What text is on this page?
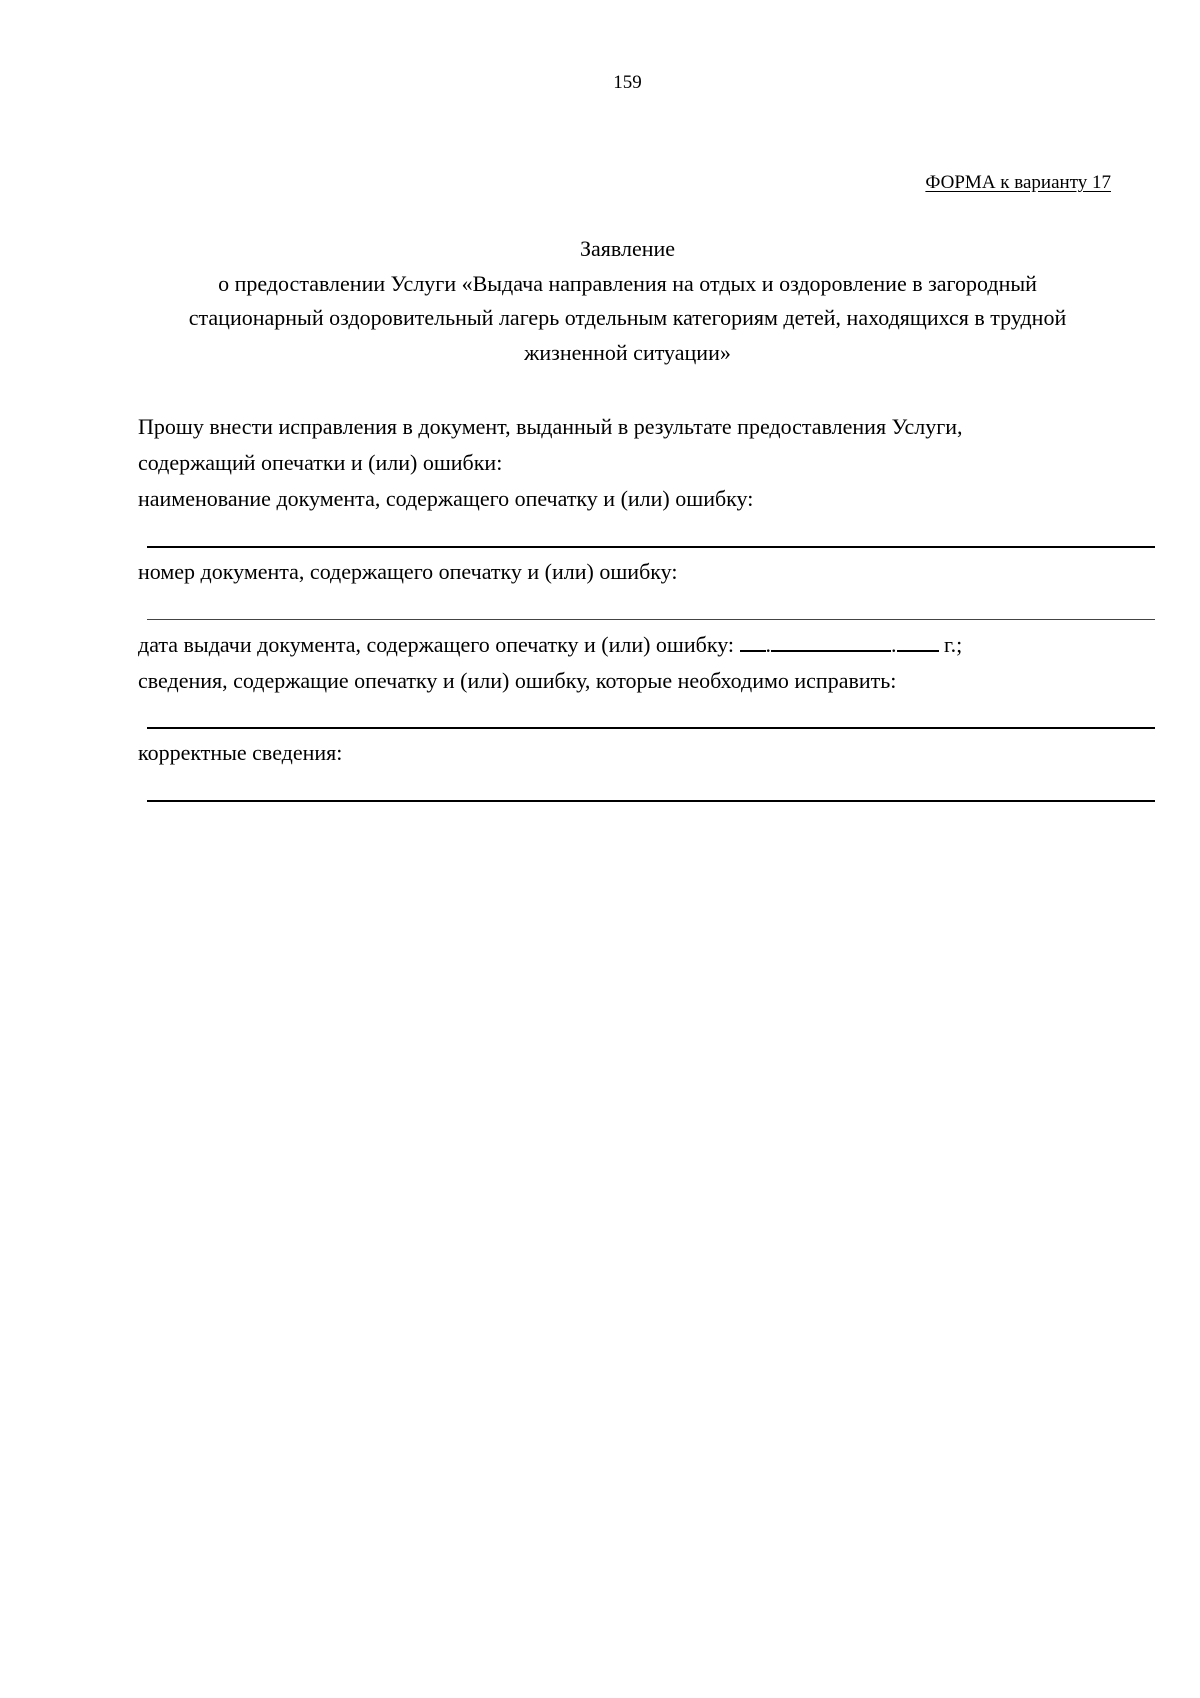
159
ФОРМА к варианту 17
Заявление
о предоставлении Услуги «Выдача направления на отдых и оздоровление в загородный
стационарный оздоровительный лагерь отдельным категориям детей, находящихся в трудной
жизненной ситуации»
Прошу внести исправления в документ, выданный в результате предоставления Услуги,
содержащий опечатки и (или) ошибки:
наименование документа, содержащего опечатку и (или) ошибку:
номер документа, содержащего опечатку и (или) ошибку:
дата выдачи документа, содержащего опечатку и (или) ошибку: .	. г.;
сведения, содержащие опечатку и (или) ошибку, которые необходимо исправить:
корректные сведения:
